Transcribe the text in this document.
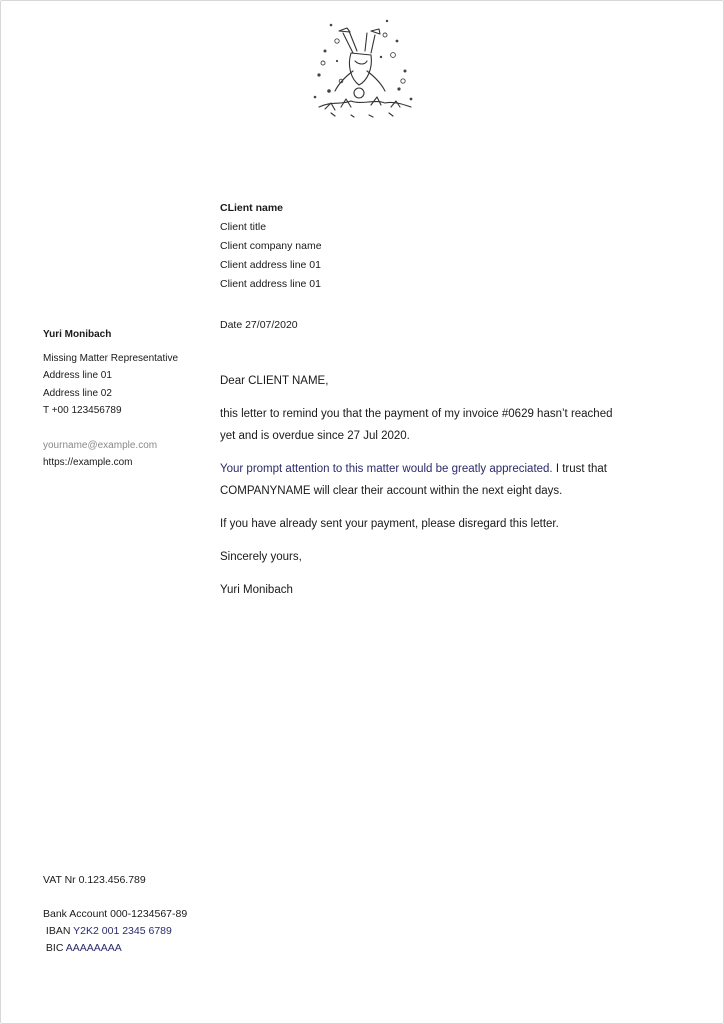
CLient name
Client title
Client company name
Client address line 01
Client address line 01
Date 27/07/2020
Yuri Monibach
Missing Matter Representative
Address line 01
Address line 02
T +00 123456789
yourname@example.com
https://example.com

Dear CLIENT NAME,

this letter to remind you that the payment of my invoice #0629 hasn’t reached yet and is overdue since 27 Jul 2020.

Your prompt attention to this matter would be greatly appreciated. I trust that COMPANYNAME will clear their account within the next eight days.

If you have already sent your payment, please disregard this letter.

Sincerely yours,

Yuri Monibach

VAT Nr 0.123.456.789
Bank Account 000-1234567-89
IBAN Y2K2 001 2345 6789
BIC AAAAAAAA
